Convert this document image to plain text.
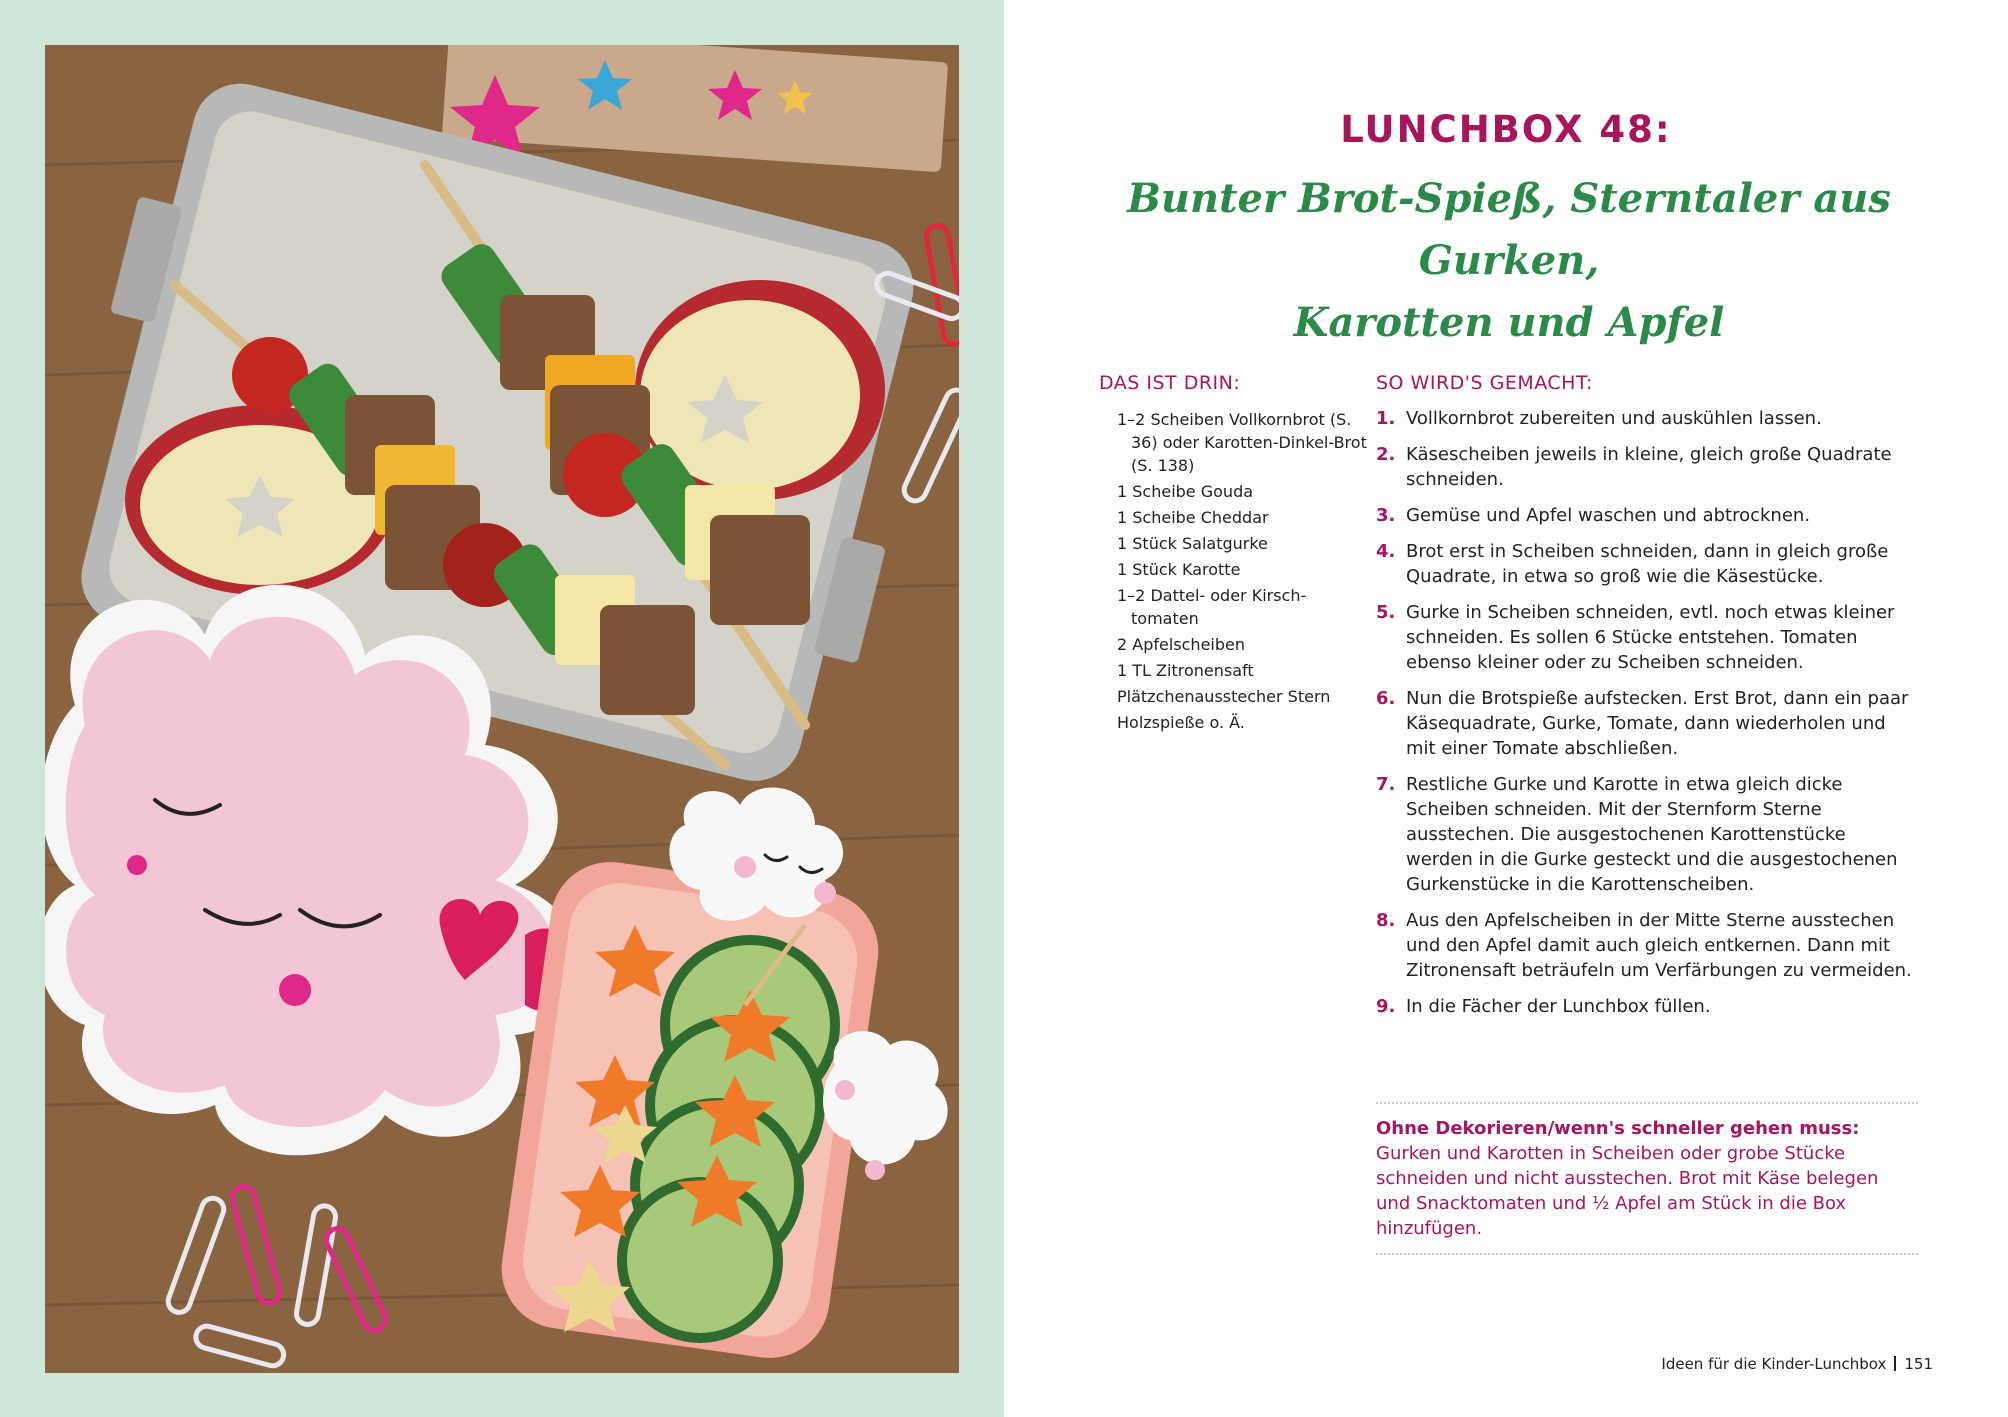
LUNCHBOX 48:
Bunter Brot-Spieß, Sterntaler aus Gurken,
Karotten und Apfel
DAS IST DRIN:
1–2 Scheiben Vollkornbrot (S. 36) oder Karotten-Dinkel-Brot (S. 138)
1 Scheibe Gouda
1 Scheibe Cheddar
1 Stück Salatgurke
1 Stück Karotte
1–2 Dattel- oder Kirsch-tomaten
2 Apfelscheiben
1 TL Zitronensaft
Plätzchenausstecher Stern
Holzspieße o. Ä.
SO WIRD'S GEMACHT:
1. Vollkornbrot zubereiten und auskühlen lassen.
2. Käsescheiben jeweils in kleine, gleich große Quadrate schneiden.
3. Gemüse und Apfel waschen und abtrocknen.
4. Brot erst in Scheiben schneiden, dann in gleich große Quadrate, in etwa so groß wie die Käsestücke.
5. Gurke in Scheiben schneiden, evtl. noch etwas kleiner schneiden. Es sollen 6 Stücke entstehen. Tomaten ebenso kleiner oder zu Scheiben schneiden.
6. Nun die Brotspieße aufstecken. Erst Brot, dann ein paar Käsequadrate, Gurke, Tomate, dann wiederholen und mit einer Tomate abschließen.
7. Restliche Gurke und Karotte in etwa gleich dicke Scheiben schneiden. Mit der Sternform Sterne ausstechen. Die ausgestochenen Karottenstücke werden in die Gurke gesteckt und die ausgestochenen Gurkenstücke in die Karottenscheiben.
8. Aus den Apfelscheiben in der Mitte Sterne ausstechen und den Apfel damit auch gleich entkernen. Dann mit Zitronensaft beträufeln um Verfärbungen zu vermeiden.
9. In die Fächer der Lunchbox füllen.
Ohne Dekorieren/wenn's schneller gehen muss:
Gurken und Karotten in Scheiben oder grobe Stücke schneiden und nicht ausstechen. Brot mit Käse belegen und Snacktomaten und ½ Apfel am Stück in die Box hinzufügen.
Ideen für die Kinder-Lunchbox 151
